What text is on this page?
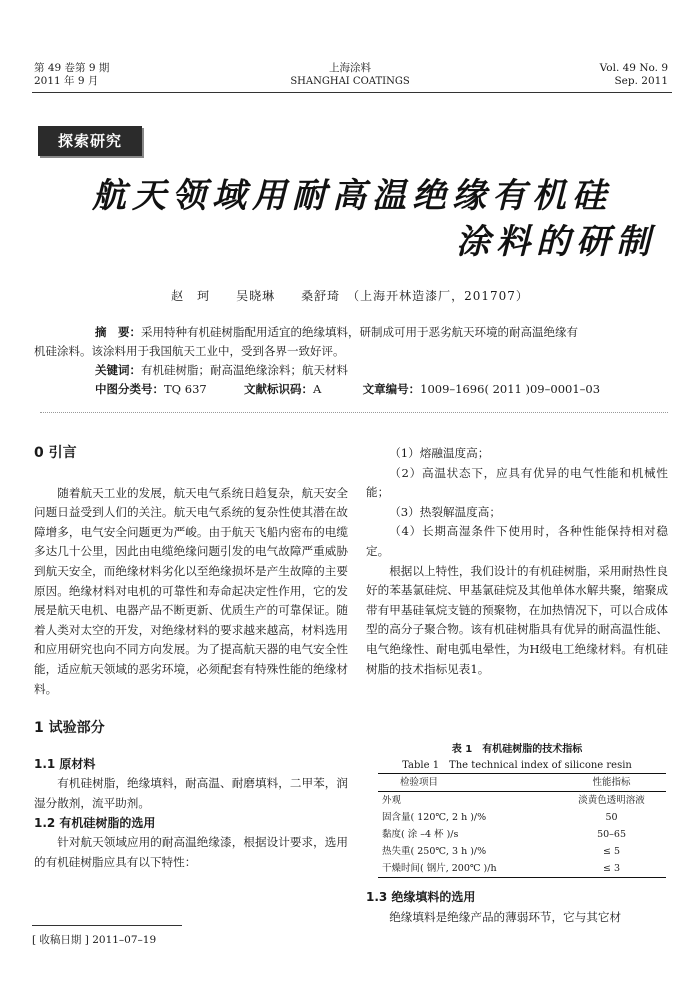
第 49 卷第 9 期
2011 年 9 月
上海涂料
SHANGHAI COATINGS
Vol. 49 No. 9
Sep. 2011
探索研究
航天领域用耐高温绝缘有机硅
涂料的研制
赵　珂　　吴晓琳　　桑舒琦　（上海开林造漆厂，201707）
摘　要：采用特种有机硅树脂配用适宜的绝缘填料，研制成可用于恶劣航天环境的耐高温绝缘有
机硅涂料。该涂料用于我国航天工业中，受到各界一致好评。
关键词：有机硅树脂；耐高温绝缘涂料；航天材料
中图分类号：TQ 637	文献标识码：A	文章编号：1009–1696( 2011 )09–0001–03

0 引言

随着航天工业的发展，航天电气系统日趋复杂，航天安全问题日益受到人们的关注。航天电气系统的复杂性使其潜在故障增多，电气安全问题更为严峻。由于航天飞船内密布的电缆多达几十公里，因此由电缆绝缘问题引发的电气故障严重威胁到航天安全，而绝缘材料劣化以至绝缘损坏是产生故障的主要原因。绝缘材料对电机的可靠性和寿命起决定性作用，它的发展是航天电机、电器产品不断更新、优质生产的可靠保证。随着人类对太空的开发，对绝缘材料的要求越来越高，材料选用和应用研究也向不同方向发展。为了提高航天器的电气安全性能，适应航天领域的恶劣环境，必须配套有特殊性能的绝缘材料。

1 试验部分

1.1 原材料

有机硅树脂，绝缘填料，耐高温、耐磨填料，二甲苯，润湿分散剂，流平助剂。

1.2 有机硅树脂的选用

针对航天领域应用的耐高温绝缘漆，根据设计要求，选用的有机硅树脂应具有以下特性：

（1）熔融温度高；

（2）高温状态下，应具有优异的电气性能和机械性能；

（3）热裂解温度高；

（4）长期高湿条件下使用时，各种性能保持相对稳定。

根据以上特性，我们设计的有机硅树脂，采用耐热性良好的苯基氯硅烷、甲基氯硅烷及其他单体水解共聚，缩聚成带有甲基硅氧烷支链的预聚物，在加热情况下，可以合成体型的高分子聚合物。该有机硅树脂具有优异的耐高温性能、电气绝缘性、耐电弧电晕性，为H级电工绝缘材料。有机硅树脂的技术指标见表1。

表 1　有机硅树脂的技术指标
Table 1　The technical index of silicone resin
检验项目	性能指标
外观	淡黄色透明溶液
固含量( 120℃, 2 h )/%	50
黏度( 涂 –4 杯 )/s	50–65
热失重( 250℃, 3 h )/%	≤ 5
干燥时间( 钢片, 200℃ )/h	≤ 3

1.3 绝缘填料的选用

绝缘填料是绝缘产品的薄弱环节，它与其它材

[ 收稿日期 ] 2011–07–19
